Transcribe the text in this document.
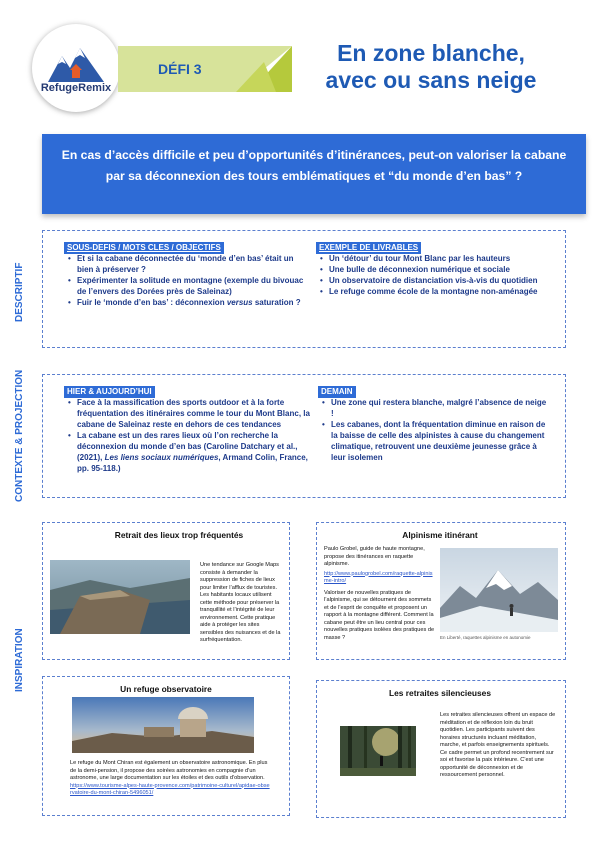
RefugeRemix
DÉFI 3
En zone blanche,
avec ou sans neige
En cas d’accès difficile et peu d’opportunités d’itinérances, peut-on valoriser la cabane par sa déconnexion des tours emblématiques et “du monde d’en bas” ?
DESCRIPTIF
SOUS-DEFIS / MOTS CLES / OBJECTIFS
• Et si la cabane déconnectée du ‘monde d’en bas’ était un bien à préserver ?
• Expérimenter la solitude en montagne (exemple du bivouac de l’envers des Dorées près de Saleinaz)
• Fuir le ‘monde d’en bas’ : déconnexion versus saturation ?
EXEMPLE DE LIVRABLES
• Un ‘détour’ du tour Mont Blanc par les hauteurs
• Une bulle de déconnexion numérique et sociale
• Un observatoire de distanciation vis-à-vis du quotidien
• Le refuge comme école de la montagne non-aménagée
CONTEXTE & PROJECTION	HIER & AUJOURD’HUI
• Face à la massification des sports outdoor et à la forte fréquentation des itinéraires comme le tour du Mont Blanc, la cabane de Saleinaz reste en dehors de ces tendances
• La cabane est un des rares lieux où l’on recherche la déconnexion du monde d’en bas (Caroline Datchary et al., (2021), Les liens sociaux numériques, Armand Colin, France, pp. 95-118.)
DEMAIN
• Une zone qui restera blanche, malgré l’absence de neige !
• Les cabanes, dont la fréquentation diminue en raison de la baisse de celle des alpinistes à cause du changement climatique, retrouvent une deuxième jeunesse grâce à leur isolemen
INSPIRATION
Retrait des lieux trop fréquentés
Une tendance sur Google Maps consiste à demander la suppression de fiches de lieux pour limiter l’afflux de touristes. Les habitants locaux utilisent cette méthode pour préserver la tranquillité et l’intégrité de leur environnement. Cette pratique aide à protéger les sites sensibles des nuisances et de la surfréquentation.
Alpinisme itinérant
Paulo Grobel, guide de haute montagne, propose des itinérances en raquette alpinisme.
http://www.paulogrobel.com/raquette-alpinisme-intro/
Valoriser de nouvelles pratiques de l’alpinisme, qui se détournent des sommets et de l’esprit de conquête et proposent un rapport à la montagne différent. Comment la cabane peut être un lieu central pour ces nouvelles pratiques isolées des pratiques de masse ?	En Liberté, raquettes alpinisme en autonomie
Un refuge observatoire
Le refuge du Mont Chiran est également un observatoire astronomique. En plus de la demi-pension, il propose des soirées astronomies en compagnie d’un astronome, une large documentation sur les étoiles et des outils d’observation.
https://www.tourisme-alpes-haute-provence.com/patrimoine-culturel/apidae-observatoire-du-mont-chiran-5496051/
Les retraites silencieuses
Les retraites silencieuses offrent un espace de méditation et de réflexion loin du bruit quotidien. Les participants suivent des horaires structurés incluant méditation, marche, et parfois enseignements spirituels. Ce cadre permet un profond recentrement sur soi et favorise la paix intérieure. C’est une opportunité de déconnexion et de ressourcement personnel.
